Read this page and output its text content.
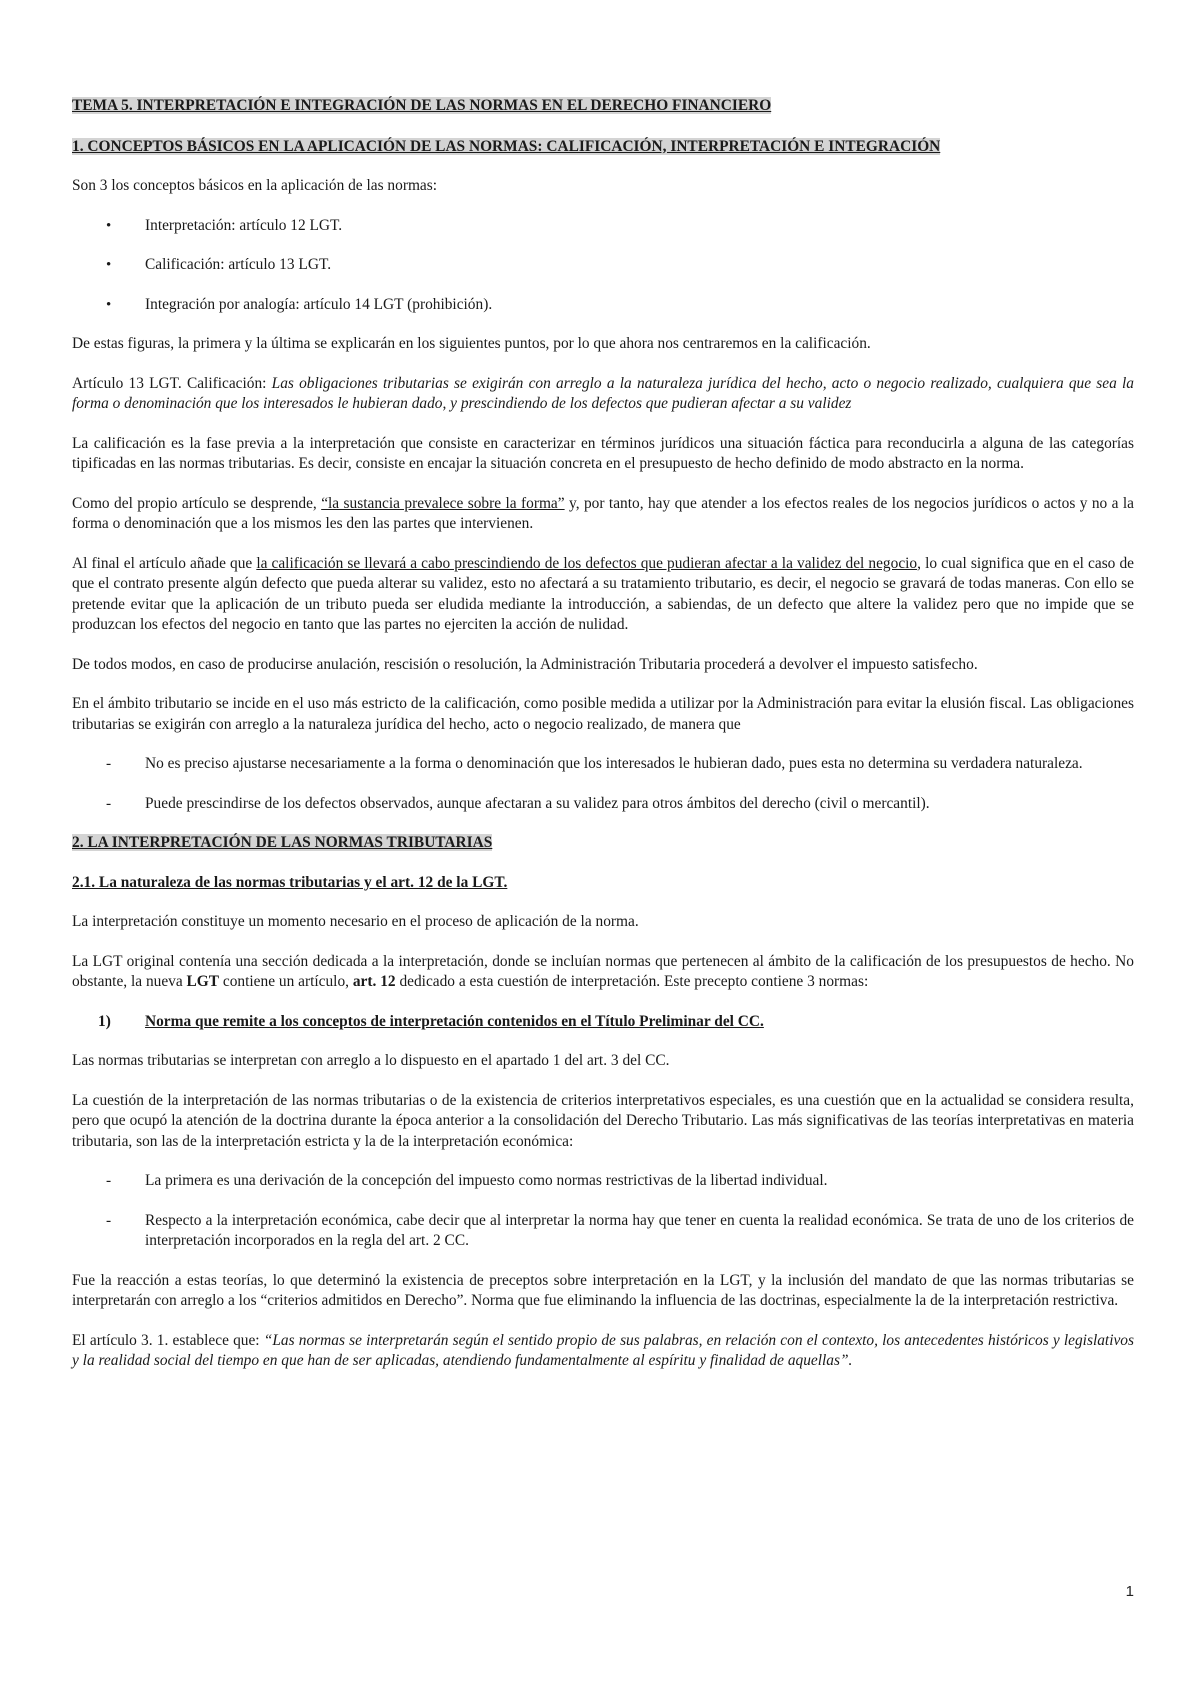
TEMA 5. INTERPRETACIÓN E INTEGRACIÓN DE LAS NORMAS EN EL DERECHO FINANCIERO
1. CONCEPTOS BÁSICOS EN LA APLICACIÓN DE LAS NORMAS: CALIFICACIÓN, INTERPRETACIÓN E INTEGRACIÓN

Son 3 los conceptos básicos en la aplicación de las normas:

• Interpretación: artículo 12 LGT.
• Calificación: artículo 13 LGT.
• Integración por analogía: artículo 14 LGT (prohibición).

De estas figuras, la primera y la última se explicarán en los siguientes puntos, por lo que ahora nos centraremos en la calificación.

Artículo 13 LGT. Calificación: Las obligaciones tributarias se exigirán con arreglo a la naturaleza jurídica del hecho, acto o negocio realizado, cualquiera que sea la forma o denominación que los interesados le hubieran dado, y prescindiendo de los defectos que pudieran afectar a su validez

La calificación es la fase previa a la interpretación que consiste en caracterizar en términos jurídicos una situación fáctica para reconducirla a alguna de las categorías tipificadas en las normas tributarias. Es decir, consiste en encajar la situación concreta en el presupuesto de hecho definido de modo abstracto en la norma.

Como del propio artículo se desprende, “la sustancia prevalece sobre la forma” y, por tanto, hay que atender a los efectos reales de los negocios jurídicos o actos y no a la forma o denominación que a los mismos les den las partes que intervienen.

Al final el artículo añade que la calificación se llevará a cabo prescindiendo de los defectos que pudieran afectar a la validez del negocio, lo cual significa que en el caso de que el contrato presente algún defecto que pueda alterar su validez, esto no afectará a su tratamiento tributario, es decir, el negocio se gravará de todas maneras. Con ello se pretende evitar que la aplicación de un tributo pueda ser eludida mediante la introducción, a sabiendas, de un defecto que altere la validez pero que no impide que se produzcan los efectos del negocio en tanto que las partes no ejerciten la acción de nulidad.

De todos modos, en caso de producirse anulación, rescisión o resolución, la Administración Tributaria procederá a devolver el impuesto satisfecho.

En el ámbito tributario se incide en el uso más estricto de la calificación, como posible medida a utilizar por la Administración para evitar la elusión fiscal. Las obligaciones tributarias se exigirán con arreglo a la naturaleza jurídica del hecho, acto o negocio realizado, de manera que

- No es preciso ajustarse necesariamente a la forma o denominación que los interesados le hubieran dado, pues esta no determina su verdadera naturaleza.
- Puede prescindirse de los defectos observados, aunque afectaran a su validez para otros ámbitos del derecho (civil o mercantil).
2. LA INTERPRETACIÓN DE LAS NORMAS TRIBUTARIAS
2.1. La naturaleza de las normas tributarias y el art. 12 de la LGT.

La interpretación constituye un momento necesario en el proceso de aplicación de la norma.

La LGT original contenía una sección dedicada a la interpretación, donde se incluían normas que pertenecen al ámbito de la calificación de los presupuestos de hecho. No obstante, la nueva LGT contiene un artículo, art. 12 dedicado a esta cuestión de interpretación. Este precepto contiene 3 normas:

1) Norma que remite a los conceptos de interpretación contenidos en el Título Preliminar del CC.

Las normas tributarias se interpretan con arreglo a lo dispuesto en el apartado 1 del art. 3 del CC.

La cuestión de la interpretación de las normas tributarias o de la existencia de criterios interpretativos especiales, es una cuestión que en la actualidad se considera resulta, pero que ocupó la atención de la doctrina durante la época anterior a la consolidación del Derecho Tributario. Las más significativas de las teorías interpretativas en materia tributaria, son las de la interpretación estricta y la de la interpretación económica:

- La primera es una derivación de la concepción del impuesto como normas restrictivas de la libertad individual.
- Respecto a la interpretación económica, cabe decir que al interpretar la norma hay que tener en cuenta la realidad económica. Se trata de uno de los criterios de interpretación incorporados en la regla del art. 2 CC.

Fue la reacción a estas teorías, lo que determinó la existencia de preceptos sobre interpretación en la LGT, y la inclusión del mandato de que las normas tributarias se interpretarán con arreglo a los “criterios admitidos en Derecho”. Norma que fue eliminando la influencia de las doctrinas, especialmente la de la interpretación restrictiva.

El artículo 3. 1. establece que: “Las normas se interpretarán según el sentido propio de sus palabras, en relación con el contexto, los antecedentes históricos y legislativos y la realidad social del tiempo en que han de ser aplicadas, atendiendo fundamentalmente al espíritu y finalidad de aquellas”.

1
